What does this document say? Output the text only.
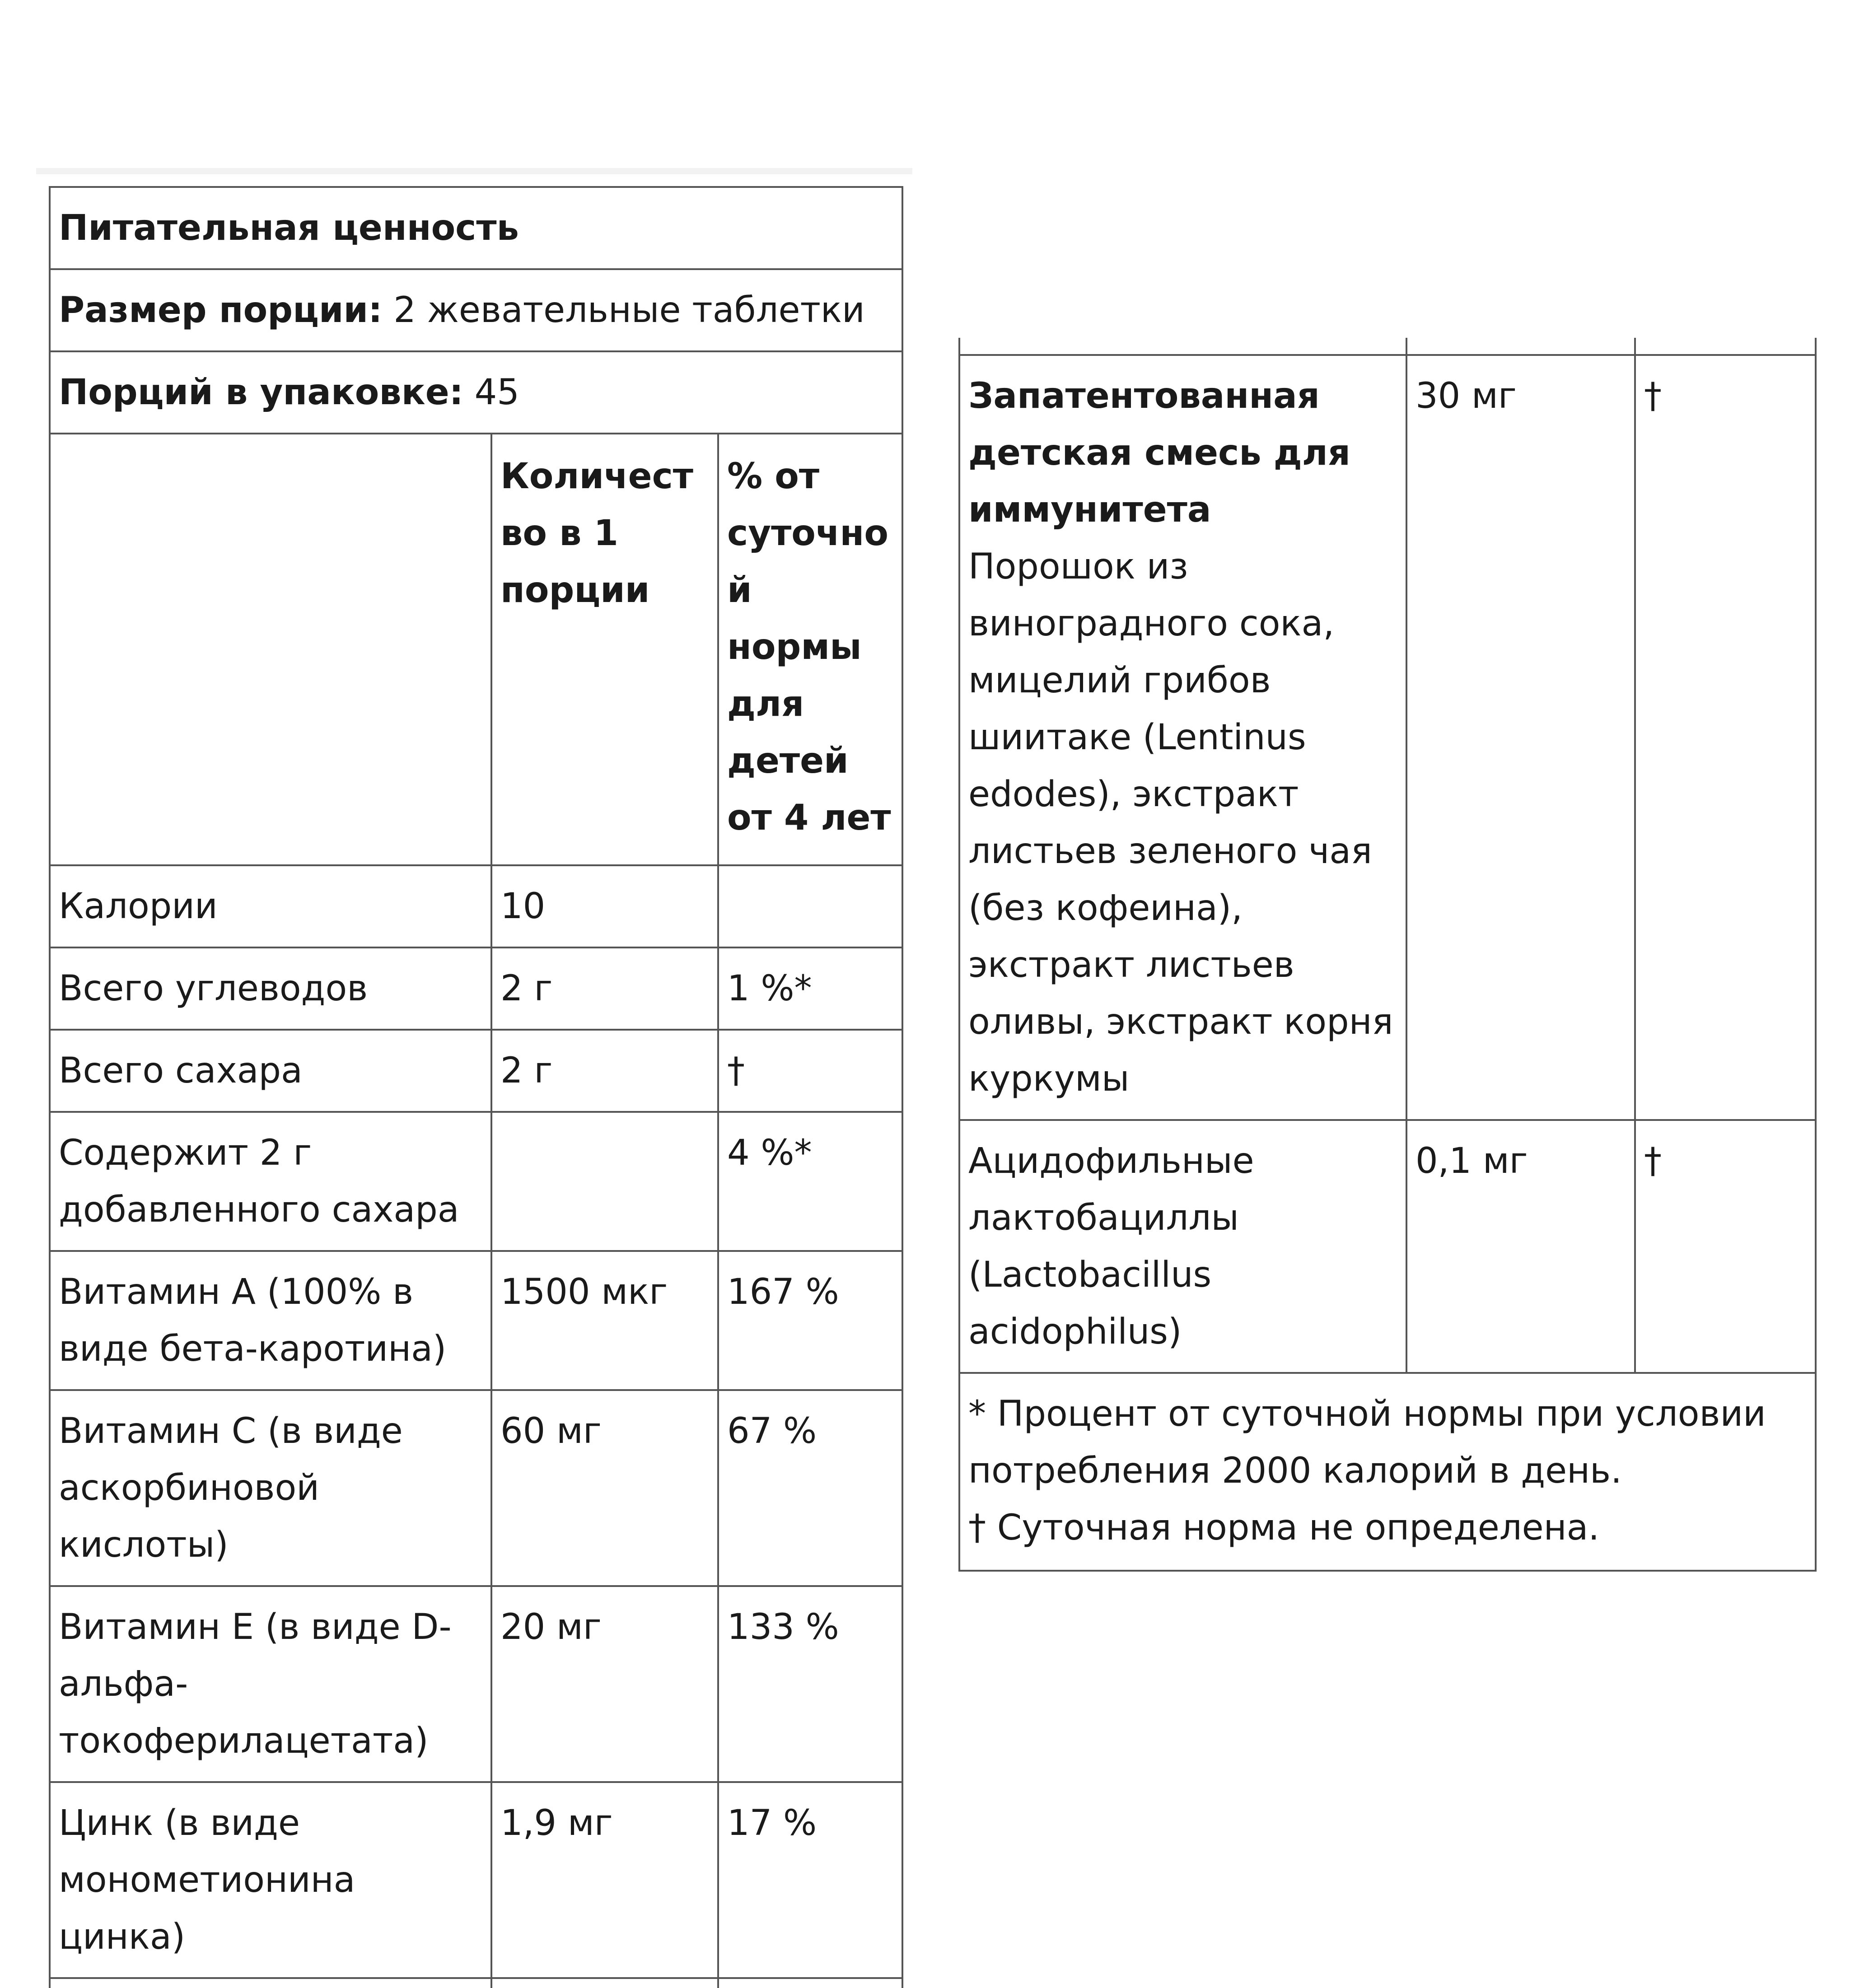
Питательная ценность		
Размер порции: 2 жевательные таблетки		
Порций в упаковке: 45		
	Количество в 1 порции	% от суточной нормы для детей от 4 лет
Калории	10	
Всего углеводов	2 г	1 %*
Всего сахара	2 г	†
Содержит 2 г добавленного сахара		4 %*
Витамин A (100% в виде бета-каротина)	1500 мкг	167 %
Витамин C (в виде аскорбиновой кислоты)	60 мг	67 %
Витамин E (в виде D-альфа-токоферилацетата)	20 мг	133 %
Цинк (в виде монометионина цинка)	1,9 мг	17 %

Запатентованная детская смесь для иммунитета
Порошок из виноградного сока, мицелий грибов шиитаке (Lentinus edodes), экстракт листьев зеленого чая (без кофеина), экстракт листьев оливы, экстракт корня куркумы	30 мг	†
Ацидофильные лактобациллы (Lactobacillus acidophilus)	0,1 мг	†

* Процент от суточной нормы при условии потребления 2000 калорий в день.
† Суточная норма не определена.		
